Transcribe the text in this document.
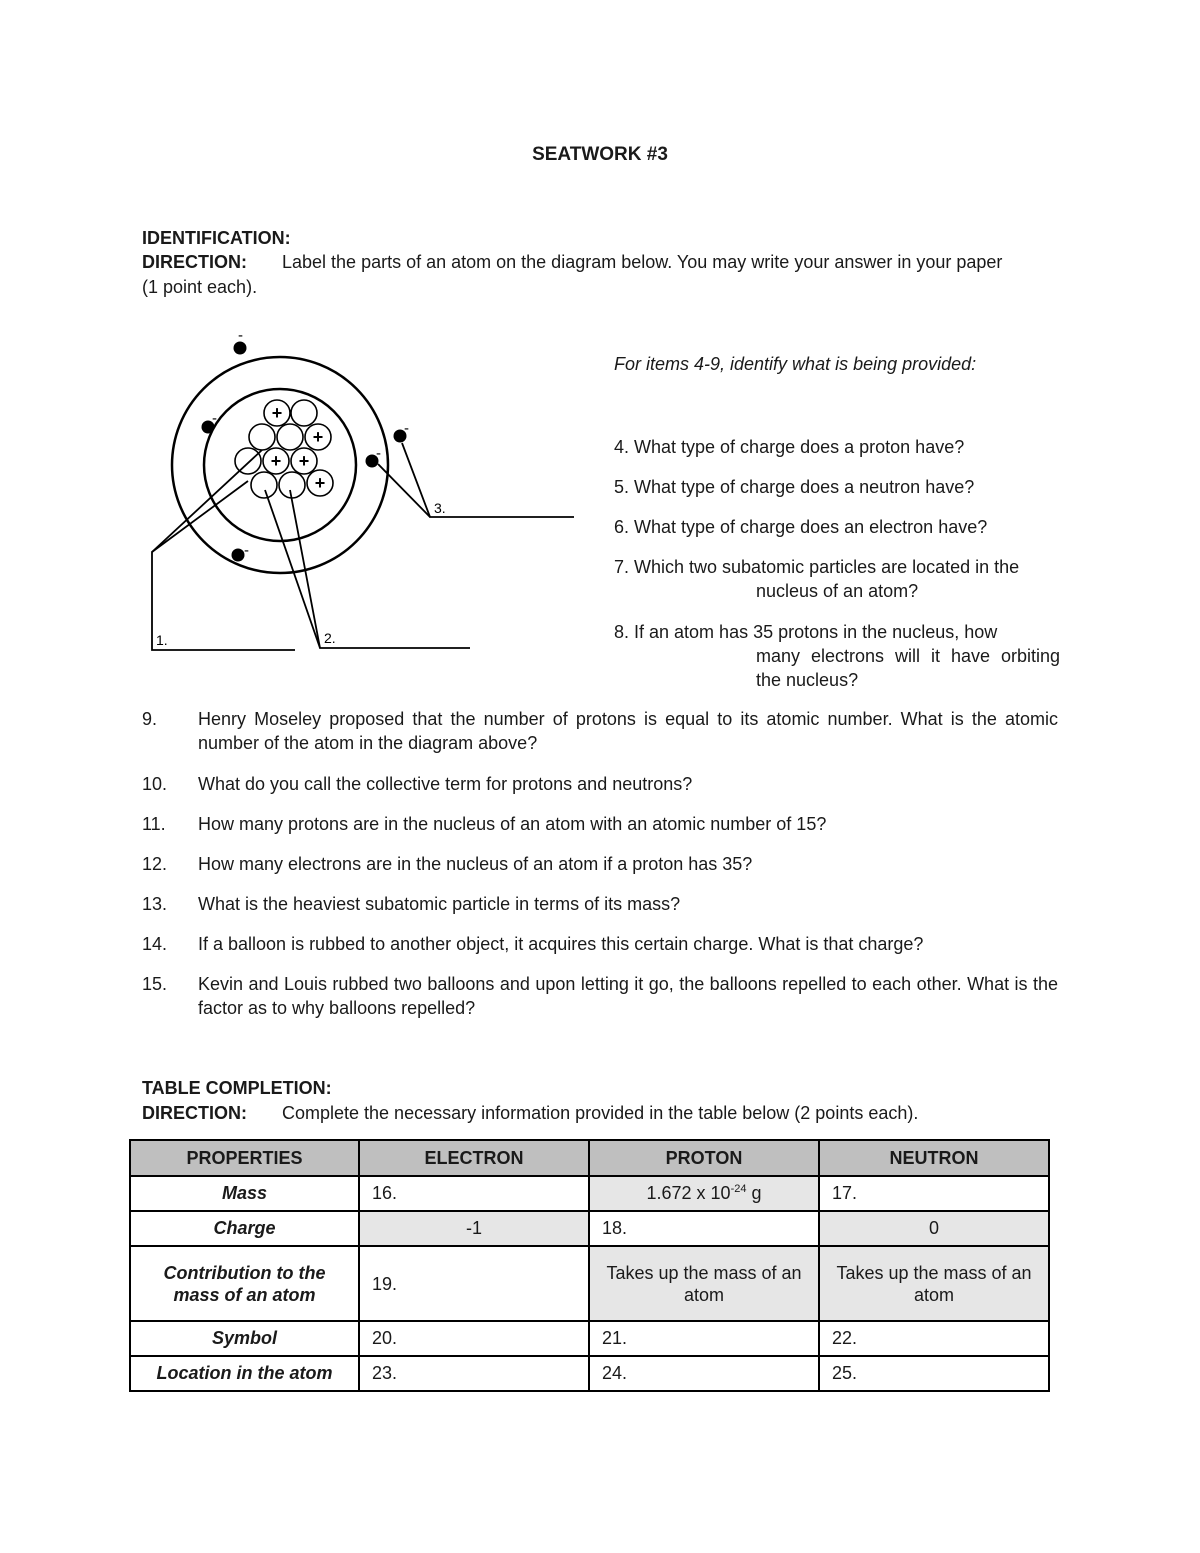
SEATWORK #3
IDENTIFICATION:
DIRECTION: Label the parts of an atom on the diagram below. You may write your answer in your paper (1 point each).
+
+
+ +
+
-
-
-
-
-
1.	2.
3.
For items 4-9, identify what is being provided:
4. What type of charge does a proton have?
5. What type of charge does a neutron have?
6. What type of charge does an electron have?
7. Which two subatomic particles are located in the
nucleus of an atom?
8. If an atom has 35 protons in the nucleus, how
many electrons will it have orbiting the nucleus?
9. Henry Moseley proposed that the number of protons is equal to its atomic number. What is the atomic number of the atom in the diagram above?
10. What do you call the collective term for protons and neutrons?
11. How many protons are in the nucleus of an atom with an atomic number of 15?
12. How many electrons are in the nucleus of an atom if a proton has 35?
13. What is the heaviest subatomic particle in terms of its mass?
14. If a balloon is rubbed to another object, it acquires this certain charge. What is that charge?
15. Kevin and Louis rubbed two balloons and upon letting it go, the balloons repelled to each other. What is the factor as to why balloons repelled?
TABLE COMPLETION:
DIRECTION: Complete the necessary information provided in the table below (2 points each).
PROPERTIES	ELECTRON	PROTON	NEUTRON
Mass	16.	1.672 x $10^{-24}$ g	17.
Charge	-1	18.	0
Contribution to the mass of an atom	19.	Takes up the mass of an atom	Takes up the mass of an atom
Symbol	20.	21.	22.
Location in the atom	23.	24.	25.
